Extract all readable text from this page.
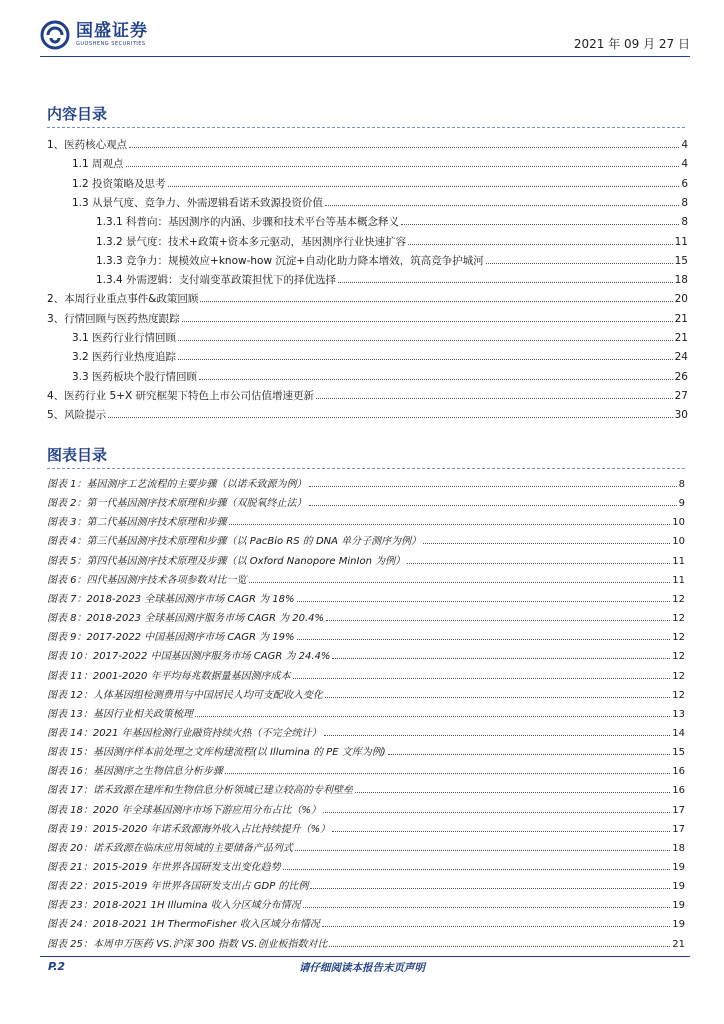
国盛证券
GUOSHENG SECURITIES	2021 年 09 月 27 日
内容目录
1、医药核心观点	4
1.1 周观点	4
1.2 投资策略及思考	6
1.3 从景气度、竞争力、外需逻辑看诺禾致源投资价值	8
1.3.1 科普向：基因测序的内涵、步骤和技术平台等基本概念释义	8
1.3.2 景气度：技术+政策+资本多元驱动，基因测序行业快速扩容	11
1.3.3 竞争力：规模效应+know-how 沉淀+自动化助力降本增效，筑高竞争护城河	15
1.3.4 外需逻辑：支付端变革政策担忧下的择优选择	18
2、本周行业重点事件&政策回顾	20
3、行情回顾与医药热度跟踪	21
3.1 医药行业行情回顾	21
3.2 医药行业热度追踪	24
3.3 医药板块个股行情回顾	26
4、医药行业 5+X 研究框架下特色上市公司估值增速更新	27
5、风险提示	30
图表目录
图表 1：基因测序工艺流程的主要步骤（以诺禾致源为例）	8
图表 2：第一代基因测序技术原理和步骤（双脱氧终止法）	9
图表 3：第二代基因测序技术原理和步骤	10
图表 4：第三代基因测序技术原理和步骤（以 PacBio RS 的 DNA 单分子测序为例）	10
图表 5：第四代基因测序技术原理及步骤（以 Oxford Nanopore MinIon 为例）	11
图表 6：四代基因测序技术各项参数对比一览	11
图表 7：2018-2023 全球基因测序市场 CAGR 为 18%	12
图表 8：2018-2023 全球基因测序服务市场 CAGR 为 20.4%	12
图表 9：2017-2022 中国基因测序市场 CAGR 为 19%	12
图表 10：2017-2022 中国基因测序服务市场 CAGR 为 24.4%	12
图表 11：2001-2020 年平均每兆数据量基因测序成本	12
图表 12：人体基因组检测费用与中国居民人均可支配收入变化	12
图表 13：基因行业相关政策梳理	13
图表 14：2021 年基因检测行业融资持续火热（不完全统计）	14
图表 15：基因测序样本前处理之文库构建流程(以 Illumina 的 PE 文库为例)	15
图表 16：基因测序之生物信息分析步骤	16
图表 17：诺禾致源在建库和生物信息分析领域已建立较高的专利壁垒	16
图表 18：2020 年全球基因测序市场下游应用分布占比（%）	17
图表 19：2015-2020 年诺禾致源海外收入占比持续提升（%）	17
图表 20：诺禾致源在临床应用领域的主要储备产品列式	18
图表 21：2015-2019 年世界各国研发支出变化趋势	19
图表 22：2015-2019 年世界各国研发支出占 GDP 的比例	19
图表 23：2018-2021 1H Illumina 收入分区域分布情况	19
图表 24：2018-2021 1H ThermoFisher 收入区域分布情况	19
图表 25：本周申万医药 VS.沪深 300 指数 VS.创业板指数对比	21
P.2	请仔细阅读本报告末页声明
